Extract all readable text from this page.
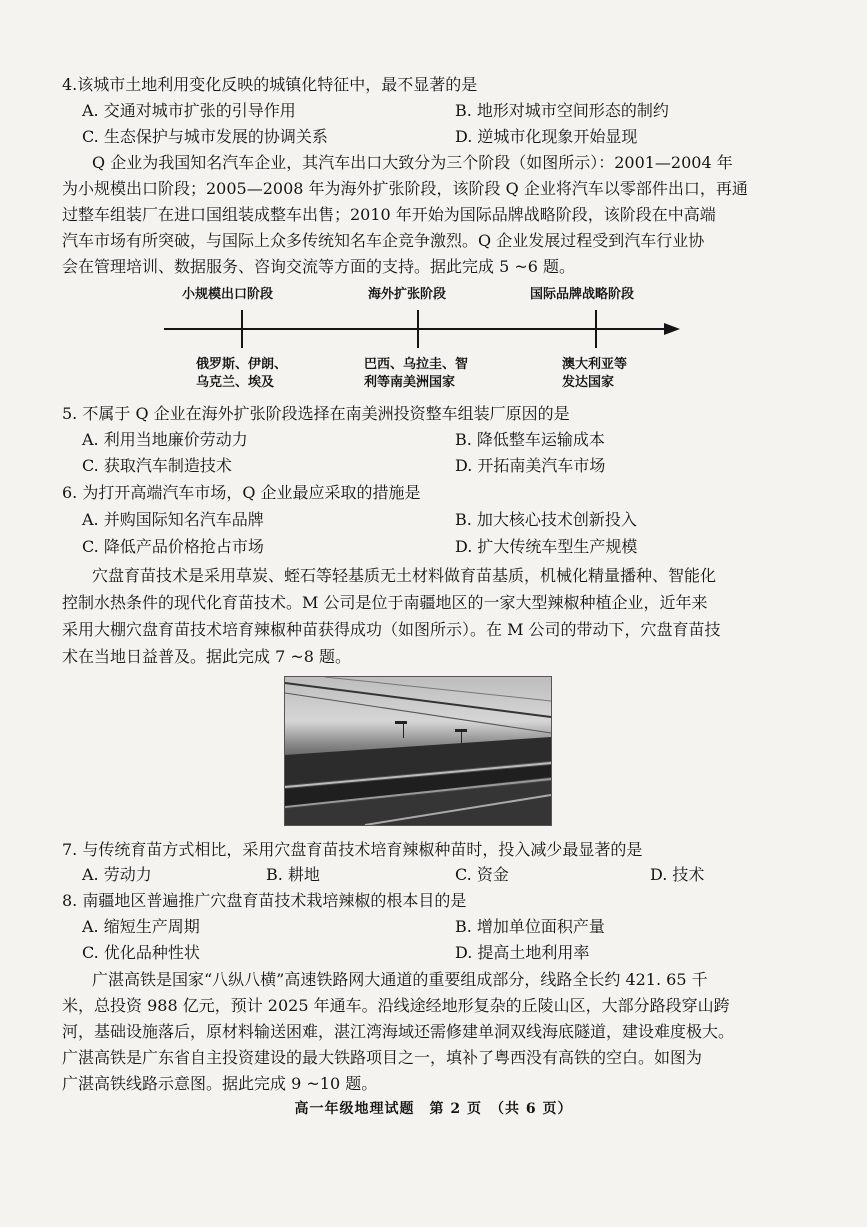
4.该城市土地利用变化反映的城镇化特征中，最不显著的是
A. 交通对城市扩张的引导作用	B. 地形对城市空间形态的制约
C. 生态保护与城市发展的协调关系	D. 逆城市化现象开始显现
Q 企业为我国知名汽车企业，其汽车出口大致分为三个阶段（如图所示）：2001—2004 年
为小规模出口阶段；2005—2008 年为海外扩张阶段，该阶段 Q 企业将汽车以零部件出口，再通
过整车组装厂在进口国组装成整车出售；2010 年开始为国际品牌战略阶段，该阶段在中高端
汽车市场有所突破，与国际上众多传统知名车企竞争激烈。Q 企业发展过程受到汽车行业协
会在管理培训、数据服务、咨询交流等方面的支持。据此完成 5 ~6 题。
小规模出口阶段	海外扩张阶段	国际品牌战略阶段
俄罗斯、伊朗、
乌克兰、埃及
巴西、乌拉圭、智
利等南美洲国家
澳大利亚等
发达国家
5. 不属于 Q 企业在海外扩张阶段选择在南美洲投资整车组装厂原因的是
A. 利用当地廉价劳动力	B. 降低整车运输成本
C. 获取汽车制造技术	D. 开拓南美汽车市场
6. 为打开高端汽车市场，Q 企业最应采取的措施是
A. 并购国际知名汽车品牌	B. 加大核心技术创新投入
C. 降低产品价格抢占市场	D. 扩大传统车型生产规模
穴盘育苗技术是采用草炭、蛭石等轻基质无土材料做育苗基质，机械化精量播种、智能化
控制水热条件的现代化育苗技术。M 公司是位于南疆地区的一家大型辣椒种植企业，近年来
采用大棚穴盘育苗技术培育辣椒种苗获得成功（如图所示）。在 M 公司的带动下，穴盘育苗技
术在当地日益普及。据此完成 7 ~8 题。
7. 与传统育苗方式相比，采用穴盘育苗技术培育辣椒种苗时，投入减少最显著的是
A. 劳动力	B. 耕地	C. 资金	D. 技术
8. 南疆地区普遍推广穴盘育苗技术栽培辣椒的根本目的是
A. 缩短生产周期	B. 增加单位面积产量
C. 优化品种性状	D. 提高土地利用率
广湛高铁是国家“八纵八横”高速铁路网大通道的重要组成部分，线路全长约 421. 65 千
米，总投资 988 亿元，预计 2025 年通车。沿线途经地形复杂的丘陵山区，大部分路段穿山跨
河，基础设施落后，原材料输送困难，湛江湾海域还需修建单洞双线海底隧道，建设难度极大。
广湛高铁是广东省自主投资建设的最大铁路项目之一，填补了粤西没有高铁的空白。如图为
广湛高铁线路示意图。据此完成 9 ~10 题。
高一年级地理试题　第 2 页　（共 6 页）
